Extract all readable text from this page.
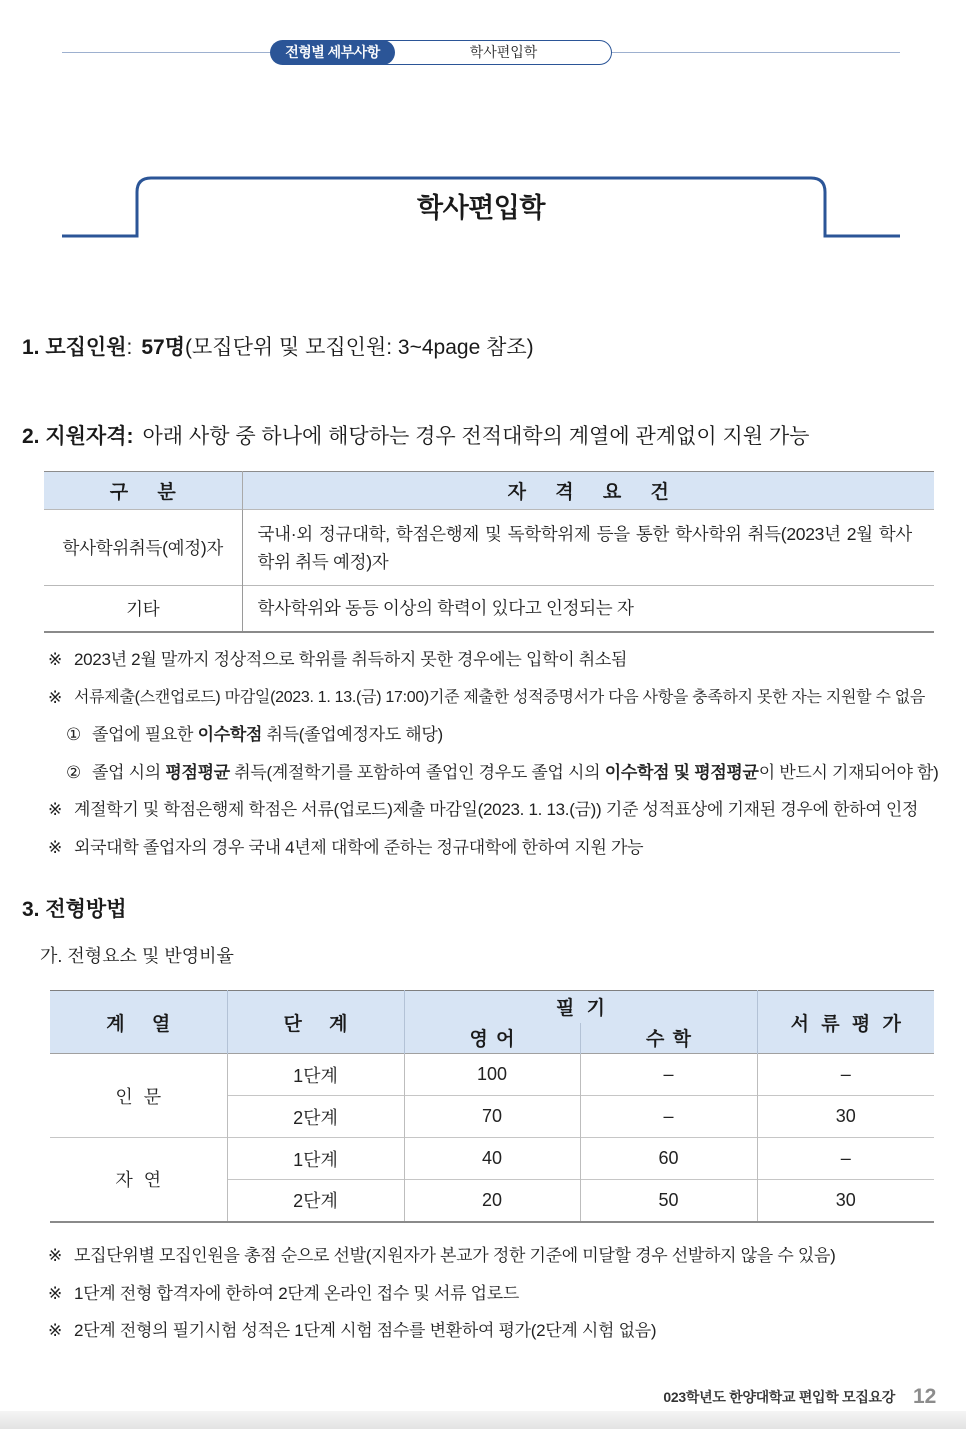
전형별 세부사항	학사편입학
학사편입학
1. 모집인원: 57명(모집단위 및 모집인원: 3~4page 참조)
2. 지원자격: 아래 사항 중 하나에 해당하는 경우 전적대학의 계열에 관계없이 지원 가능
구 분	자 격 요 건
학사학위취득(예정)자	국내·외 정규대학, 학점은행제 및 독학학위제 등을 통한 학사학위 취득(2023년 2월 학사학위 취득 예정)자

기타	학사학위와 동등 이상의 학력이 있다고 인정되는 자
※ 2023년 2월 말까지 정상적으로 학위를 취득하지 못한 경우에는 입학이 취소됨
※ 서류제출(스캔업로드) 마감일(2023. 1. 13.(금) 17:00)기준 제출한 성적증명서가 다음 사항을 충족하지 못한 자는 지원할 수 없음
① 졸업에 필요한 이수학점 취득(졸업예정자도 해당)
② 졸업 시의 평점평균 취득(계절학기를 포함하여 졸업인 경우도 졸업 시의 이수학점 및 평점평균이 반드시 기재되어야 함)
※ 계절학기 및 학점은행제 학점은 서류(업로드)제출 마감일(2023. 1. 13.(금)) 기준 성적표상에 기재된 경우에 한하여 인정
※ 외국대학 졸업자의 경우 국내 4년제 대학에 준하는 정규대학에 한하여 지원 가능
3. 전형방법
가. 전형요소 및 반영비율
계 열	단 계	필 기		서 류 평 가
		영 어	수 학	
인 문	1단계	100	–	–
	2단계	70	–	30
자 연	1단계	40	60	–
	2단계	20	50	30
※ 모집단위별 모집인원을 총점 순으로 선발(지원자가 본교가 정한 기준에 미달할 경우 선발하지 않을 수 있음)
※ 1단계 전형 합격자에 한하여 2단계 온라인 접수 및 서류 업로드
※ 2단계 전형의 필기시험 성적은 1단계 시험 점수를 변환하여 평가(2단계 시험 없음)
023학년도 한양대학교 편입학 모집요강 12
